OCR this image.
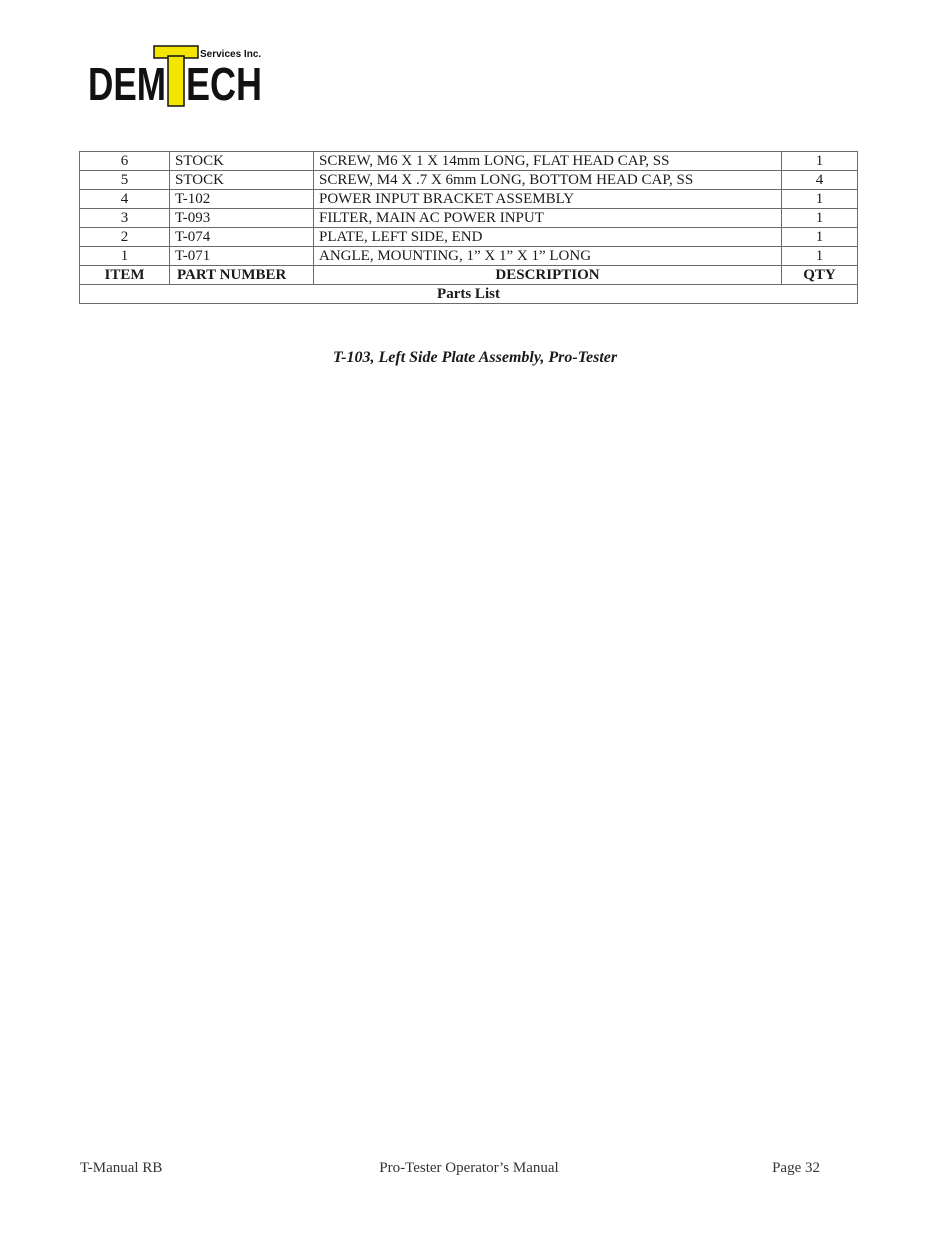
DEM ECH
Services Inc.
6	STOCK	SCREW, M6 X 1 X 14mm LONG, FLAT HEAD CAP, SS	1
5	STOCK	SCREW, M4 X .7 X 6mm LONG, BOTTOM HEAD CAP, SS	4
4	T-102	POWER INPUT BRACKET ASSEMBLY	1
3	T-093	FILTER, MAIN AC POWER INPUT	1
2	T-074	PLATE, LEFT SIDE, END	1
1	T-071	ANGLE, MOUNTING, 1” X 1” X 1” LONG	1
ITEM	PART NUMBER	DESCRIPTION	QTY
Parts List			
T-103, Left Side Plate Assembly, Pro-Tester
T-Manual RB	Pro-Tester Operator’s Manual	Page 32
